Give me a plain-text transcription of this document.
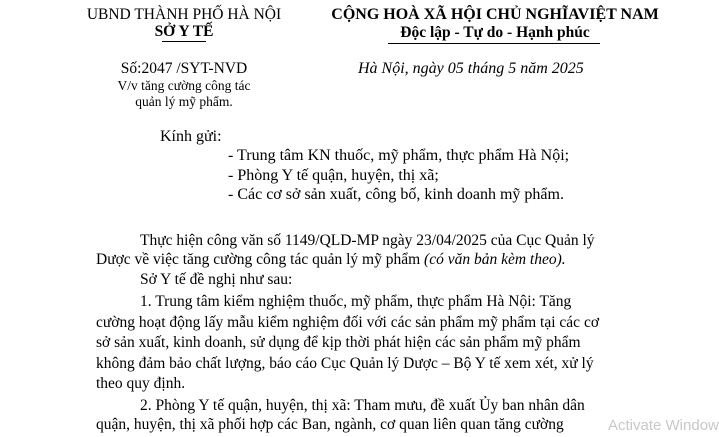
UBND THÀNH PHỐ HÀ NỘI
SỞ Y TẾ
CỘNG HOÀ XÃ HỘI CHỦ NGHĨAVIỆT NAM
Độc lập - Tự do - Hạnh phúc
Số:2047 /SYT-NVD
V/v tăng cường công tác
quản lý mỹ phẩm.
Hà Nội, ngày 05 tháng 5 năm 2025
Kính gửi:
- Trung tâm KN thuốc, mỹ phẩm, thực phẩm Hà Nội;
- Phòng Y tế quận, huyện, thị xã;
- Các cơ sở sản xuất, công bố, kinh doanh mỹ phẩm.
Thực hiện công văn số 1149/QLD-MP ngày 23/04/2025 của Cục Quản lý
Dược về việc tăng cường công tác quản lý mỹ phẩm (có văn bản kèm theo).
Sở Y tế đề nghị như sau:
1. Trung tâm kiểm nghiệm thuốc, mỹ phẩm, thực phẩm Hà Nội: Tăng
cường hoạt động lấy mẫu kiểm nghiệm đối với các sản phẩm mỹ phẩm tại các cơ
sở sản xuất, kinh doanh, sử dụng để kịp thời phát hiện các sản phẩm mỹ phẩm
không đảm bảo chất lượng, báo cáo Cục Quản lý Dược – Bộ Y tế xem xét, xử lý
theo quy định.
2. Phòng Y tế quận, huyện, thị xã: Tham mưu, đề xuất Ủy ban nhân dân
quận, huyện, thị xã phối hợp các Ban, ngành, cơ quan liên quan tăng cường	Activate Window
